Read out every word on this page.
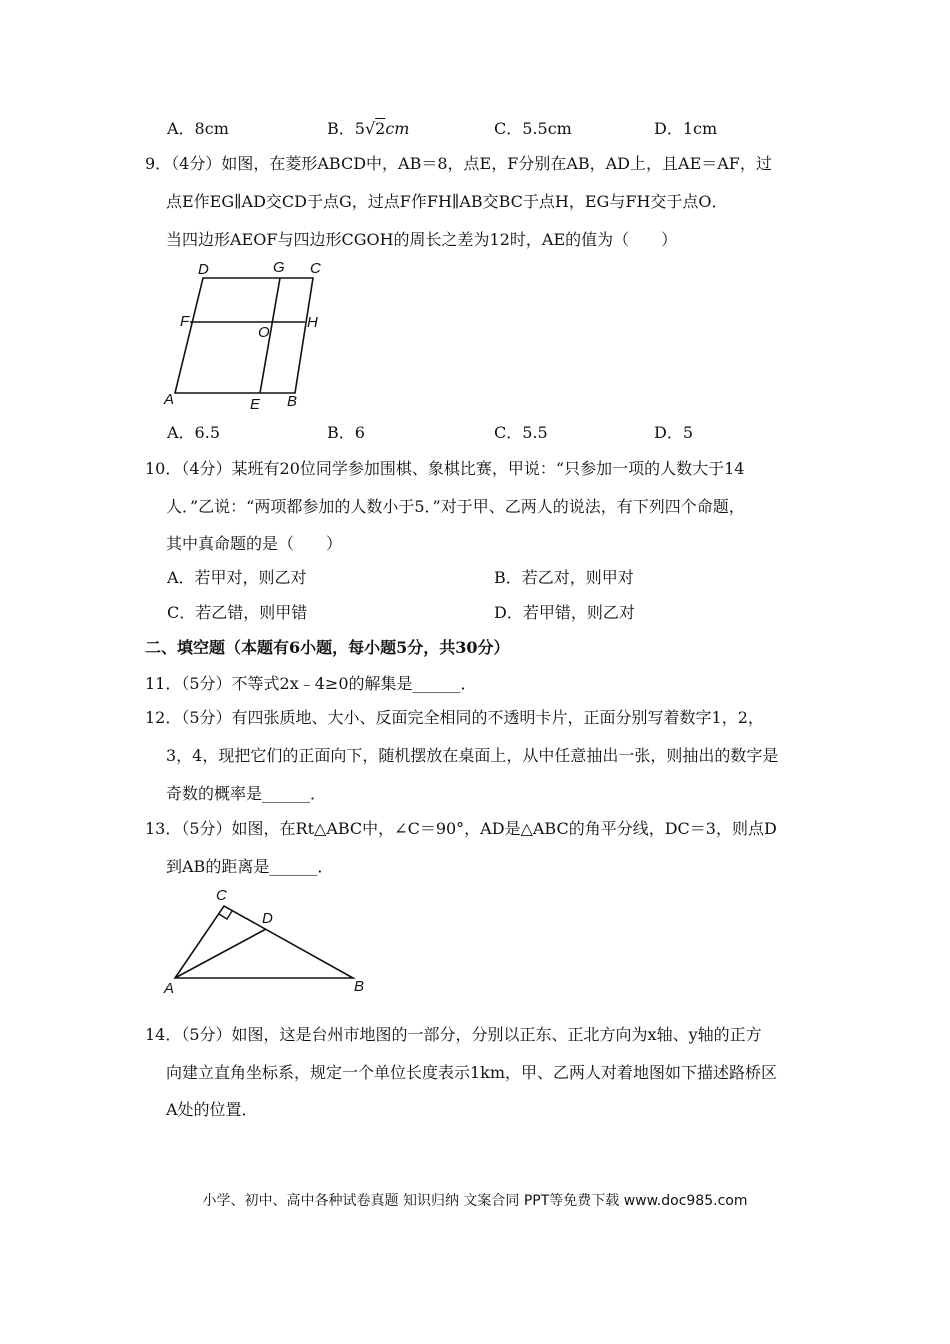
A．8cm	B．5√2cm	C．5.5cm	D．1cm
9．（4分）如图，在菱形ABCD中，AB＝8，点E，F分别在AB，AD上，且AE＝AF，过
点E作EG∥AD交CD于点G，过点F作FH∥AB交BC于点H，EG与FH交于点O．
当四边形AEOF与四边形CGOH的周长之差为12时，AE的值为（　　）
D	G C
F
O
H
A	E B
A．6.5	B．6	C．5.5	D．5
10．（4分）某班有20位同学参加围棋、象棋比赛，甲说：“只参加一项的人数大于14
人．”乙说：“两项都参加的人数小于5．”对于甲、乙两人的说法，有下列四个命题，
其中真命题的是（　　）
A．若甲对，则乙对	B．若乙对，则甲对
C．若乙错，则甲错	D．若甲错，则乙对
二、填空题（本题有6小题，每小题5分，共30分）
11．（5分）不等式2x﹣4≥0的解集是______．
12．（5分）有四张质地、大小、反面完全相同的不透明卡片，正面分别写着数字1，2，
3，4，现把它们的正面向下，随机摆放在桌面上，从中任意抽出一张，则抽出的数字是
奇数的概率是______．
13．（5分）如图，在Rt△ABC中，∠C＝90°，AD是△ABC的角平分线，DC＝3，则点D
到AB的距离是______．
C
D
A	B
14．（5分）如图，这是台州市地图的一部分，分别以正东、正北方向为x轴、y轴的正方
向建立直角坐标系，规定一个单位长度表示1km，甲、乙两人对着地图如下描述路桥区
A处的位置．
小学、初中、高中各种试卷真题 知识归纳 文案合同 PPT等免费下载 www.doc985.com
